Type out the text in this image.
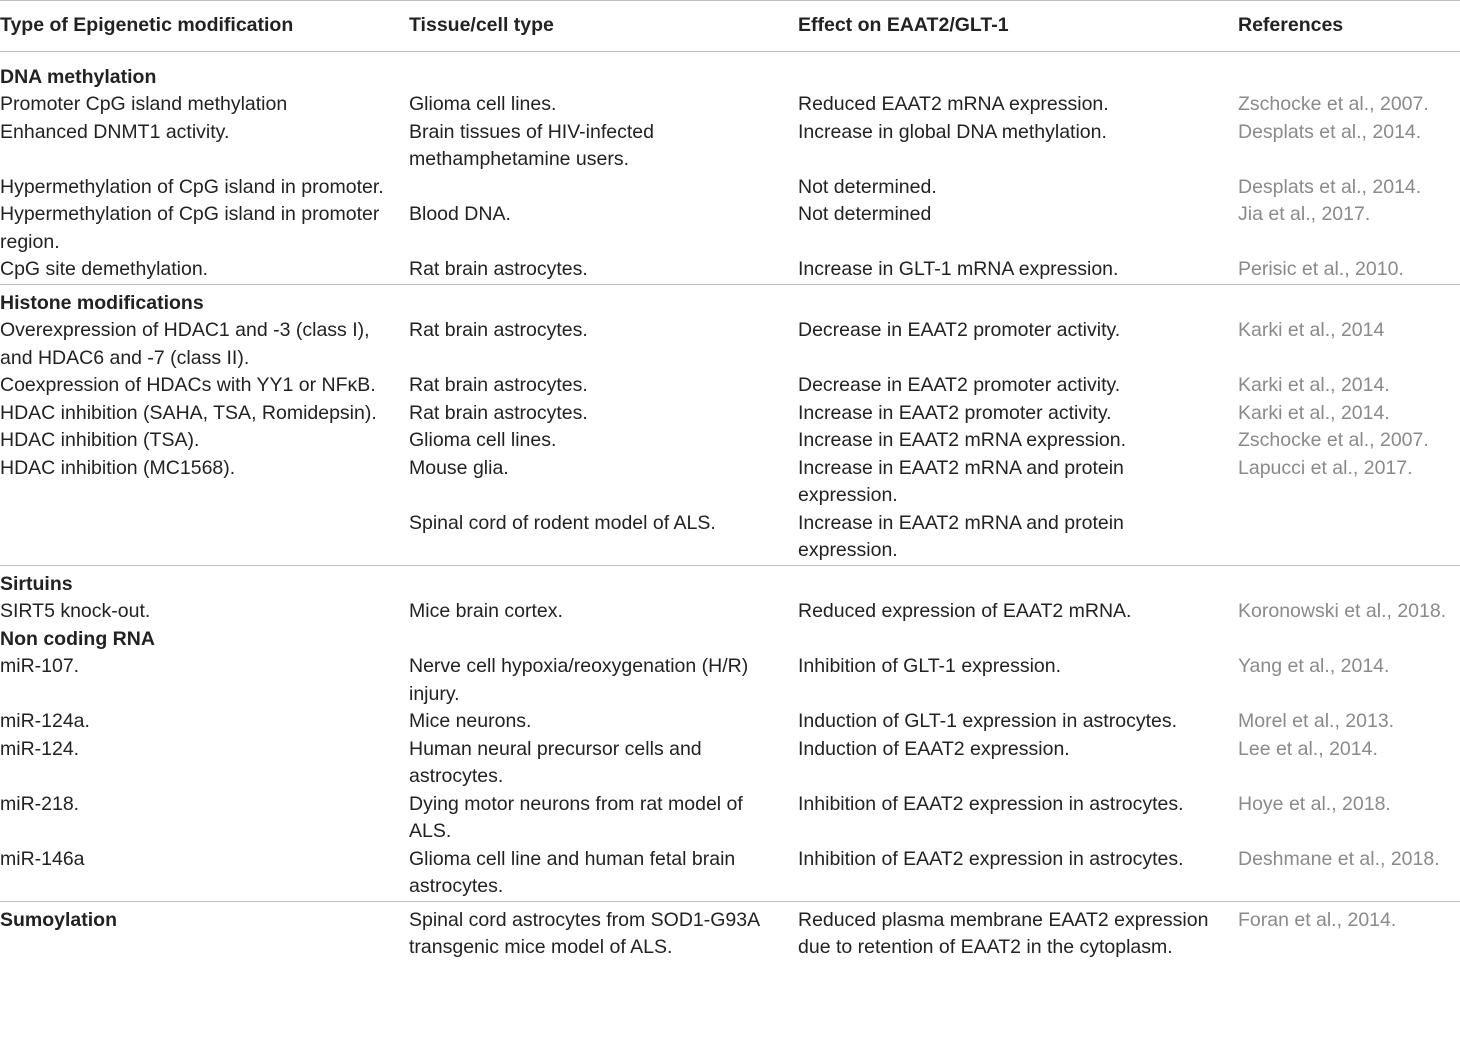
Type of Epigenetic modification	Tissue/cell type	Effect on EAAT2/GLT-1	References
DNA methylation			
Promoter CpG island methylation	Glioma cell lines.	Reduced EAAT2 mRNA expression.	Zschocke et al., 2007.
Enhanced DNMT1 activity.	Brain tissues of HIV-infected methamphetamine users.	Increase in global DNA methylation.	Desplats et al., 2014.
Hypermethylation of CpG island in promoter.		Not determined.	Desplats et al., 2014.
Hypermethylation of CpG island in promoter region.	Blood DNA.	Not determined	Jia et al., 2017.
CpG site demethylation.	Rat brain astrocytes.	Increase in GLT-1 mRNA expression.	Perisic et al., 2010.
Histone modifications			
Overexpression of HDAC1 and -3 (class I), and HDAC6 and -7 (class II).	Rat brain astrocytes.	Decrease in EAAT2 promoter activity.	Karki et al., 2014
Coexpression of HDACs with YY1 or NFκB.	Rat brain astrocytes.	Decrease in EAAT2 promoter activity.	Karki et al., 2014.
HDAC inhibition (SAHA, TSA, Romidepsin).	Rat brain astrocytes.	Increase in EAAT2 promoter activity.	Karki et al., 2014.
HDAC inhibition (TSA).	Glioma cell lines.	Increase in EAAT2 mRNA expression.	Zschocke et al., 2007.
HDAC inhibition (MC1568).	Mouse glia.	Increase in EAAT2 mRNA and protein expression.	Lapucci et al., 2017.
	Spinal cord of rodent model of ALS.	Increase in EAAT2 mRNA and protein expression.	
Sirtuins			
SIRT5 knock-out.	Mice brain cortex.	Reduced expression of EAAT2 mRNA.	Koronowski et al., 2018.
Non coding RNA			
miR-107.	Nerve cell hypoxia/reoxygenation (H/R) injury.	Inhibition of GLT-1 expression.	Yang et al., 2014.
miR-124a.	Mice neurons.	Induction of GLT-1 expression in astrocytes.	Morel et al., 2013.
miR-124.	Human neural precursor cells and astrocytes.	Induction of EAAT2 expression.	Lee et al., 2014.
miR-218.	Dying motor neurons from rat model of ALS.	Inhibition of EAAT2 expression in astrocytes.	Hoye et al., 2018.
miR-146a	Glioma cell line and human fetal brain astrocytes.	Inhibition of EAAT2 expression in astrocytes.	Deshmane et al., 2018.
Sumoylation	Spinal cord astrocytes from SOD1-G93A transgenic mice model of ALS.	Reduced plasma membrane EAAT2 expression due to retention of EAAT2 in the cytoplasm.	Foran et al., 2014.
